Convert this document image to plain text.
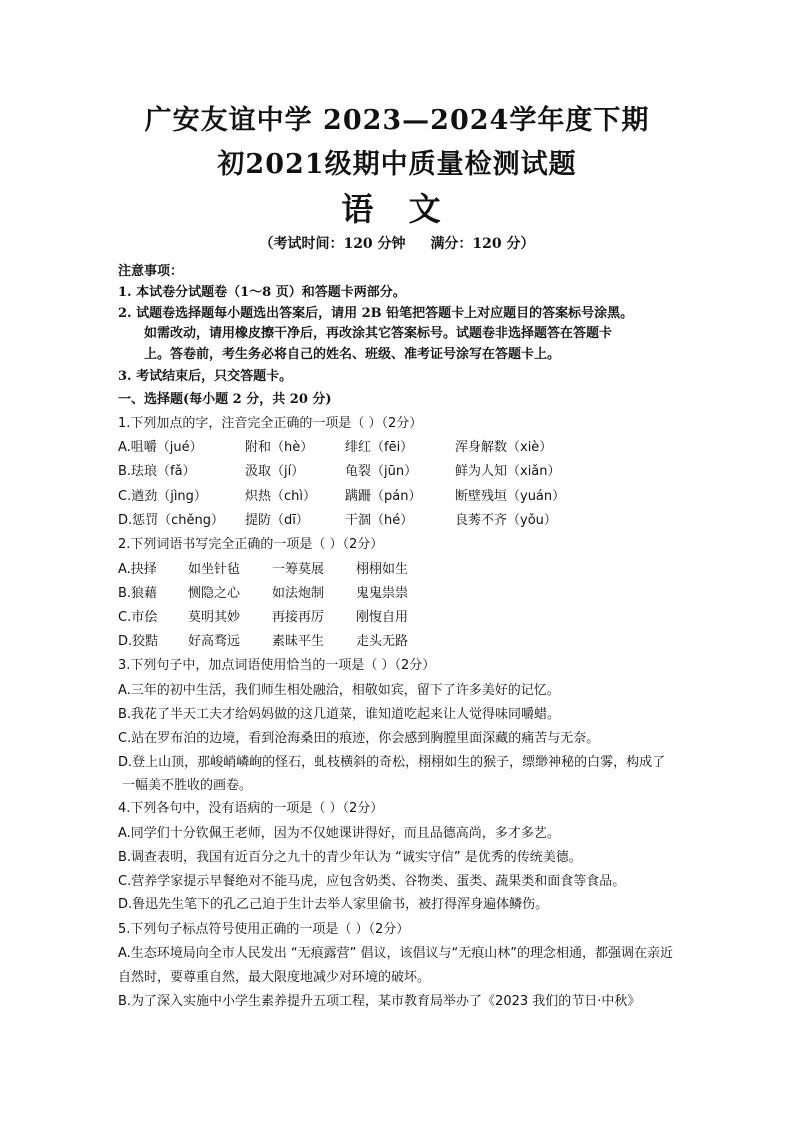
广安友谊中学 2023—2024学年度下期
初2021级期中质量检测试题
语 文
（考试时间：120 分钟 满分：120 分）
注意事项：
1. 本试卷分试题卷（1～8 页）和答题卡两部分。
2. 试题卷选择题每小题选出答案后，请用 2B 铅笔把答题卡上对应题目的答案标号涂黑。
如需改动，请用橡皮擦干净后，再改涂其它答案标号。试题卷非选择题答在答题卡
上。答卷前，考生务必将自己的姓名、班级、准考证号涂写在答题卡上。
3. 考试结束后，只交答题卡。
一、选择题(每小题 2 分，共 20 分)
1.下列加点的字，注音完全正确的一项是（ ）（2分）
A.咀嚼（jué）	附和（hè） 绯红（fēi）	浑身解数（xiè）
B.珐琅（fǎ）	汲取（jí）	龟裂（jūn）	鲜为人知（xiǎn）
C.遒劲（jìng）	炽热（chì） 蹒跚（pán）	断壁残垣（yuán）
D.惩罚（chěng） 提防（dī）	干涸（hé）	良莠不齐（yǒu）
2.下列词语书写完全正确的一项是（ ）（2分）
A.抉择 如坐针毡 一筹莫展 栩栩如生
B.狼藉 恻隐之心 如法炮制 鬼鬼祟祟
C.市侩 莫明其妙 再接再厉 刚愎自用
D.狡黠 好高骛远 素昧平生 走头无路
3.下列句子中，加点词语使用恰当的一项是（ ）（2分）
A.三年的初中生活，我们师生相处融洽，相敬如宾，留下了许多美好的记忆。
B.我花了半天工夫才给妈妈做的这几道菜，谁知道吃起来让人觉得味同嚼蜡。
C.站在罗布泊的边境，看到沧海桑田的痕迹，你会感到胸膛里面深藏的痛苦与无奈。
D.登上山顶，那峻峭嶙峋的怪石，虬枝横斜的奇松，栩栩如生的猴子，缥缈神秘的白雾，构成了
一幅美不胜收的画卷。
4.下列各句中，没有语病的一项是（ ）（2分）
A.同学们十分钦佩王老师，因为不仅她课讲得好，而且品德高尚，多才多艺。
B.调查表明，我国有近百分之九十的青少年认为 “诚实守信” 是优秀的传统美德。
C.营养学家提示早餐绝对不能马虎，应包含奶类、谷物类、蛋类、蔬果类和面食等食品。
D.鲁迅先生笔下的孔乙己迫于生计去举人家里偷书，被打得浑身遍体鳞伤。
5.下列句子标点符号使用正确的一项是（ ）（2分）
A.生态环境局向全市人民发出 “无痕露营” 倡议，该倡议与“无痕山林”的理念相通，都强调在亲近
自然时，要尊重自然，最大限度地减少对环境的破坏。
B.为了深入实施中小学生素养提升五项工程，某市教育局举办了《2023 我们的节日·中秋》
